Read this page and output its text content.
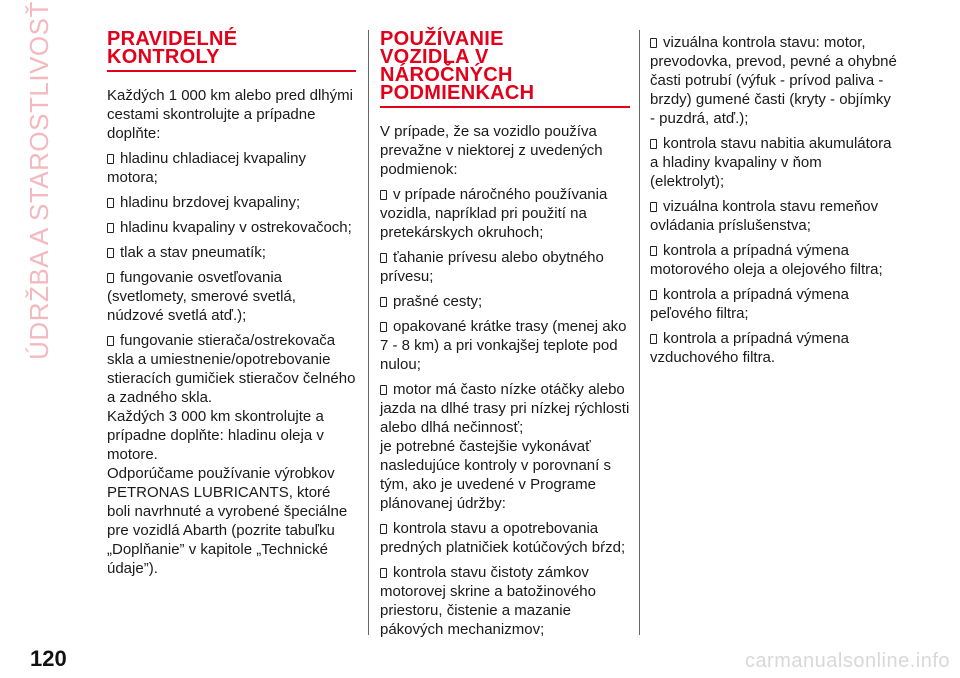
ÚDRŽBA A STAROSTLIVOSŤ	PRAVIDELNÉ
KONTROLY

Každých 1 000 km alebo pred dlhými cestami skontrolujte a prípadne doplňte:

hladinu chladiacej kvapaliny motora;
hladinu brzdovej kvapaliny;
hladinu kvapaliny v ostrekovačoch;
tlak a stav pneumatík;
fungovanie osvetľovania (svetlomety, smerové svetlá, núdzové svetlá atď.);
fungovanie stierača/ostrekovača skla a umiestnenie/opotrebovanie stieracích gumičiek stieračov čelného a zadného skla.

Každých 3 000 km skontrolujte a prípadne doplňte: hladinu oleja v motore.

Odporúčame používanie výrobkov PETRONAS LUBRICANTS, ktoré boli navrhnuté a vyrobené špeciálne pre vozidlá Abarth (pozrite tabuľku „Doplňanie” v kapitole „Technické údaje”).

POUŽÍVANIE
VOZIDLA V
NÁROČNÝCH
PODMIENKACH

V prípade, že sa vozidlo používa prevažne v niektorej z uvedených podmienok:

v prípade náročného používania vozidla, napríklad pri použití na pretekárskych okruhoch;
ťahanie prívesu alebo obytného prívesu;
prašné cesty;
opakované krátke trasy (menej ako 7 - 8 km) a pri vonkajšej teplote pod nulou;
motor má často nízke otáčky alebo jazda na dlhé trasy pri nízkej rýchlosti alebo dlhá nečinnosť;

je potrebné častejšie vykonávať nasledujúce kontroly v porovnaní s tým, ako je uvedené v Programe plánovanej údržby:

kontrola stavu a opotrebovania predných platničiek kotúčových bŕzd;
kontrola stavu čistoty zámkov motorovej skrine a batožinového priestoru, čistenie a mazanie pákových mechanizmov;
vizuálna kontrola stavu: motor, prevodovka, prevod, pevné a ohybné časti potrubí (výfuk - prívod paliva - brzdy) gumené časti (kryty - objímky - puzdrá, atď.);
kontrola stavu nabitia akumulátora a hladiny kvapaliny v ňom (elektrolyt);
vizuálna kontrola stavu remeňov ovládania príslušenstva;
kontrola a prípadná výmena motorového oleja a olejového filtra;
kontrola a prípadná výmena peľového filtra;
kontrola a prípadná výmena vzduchového filtra.
120	carmanualsonline.info
